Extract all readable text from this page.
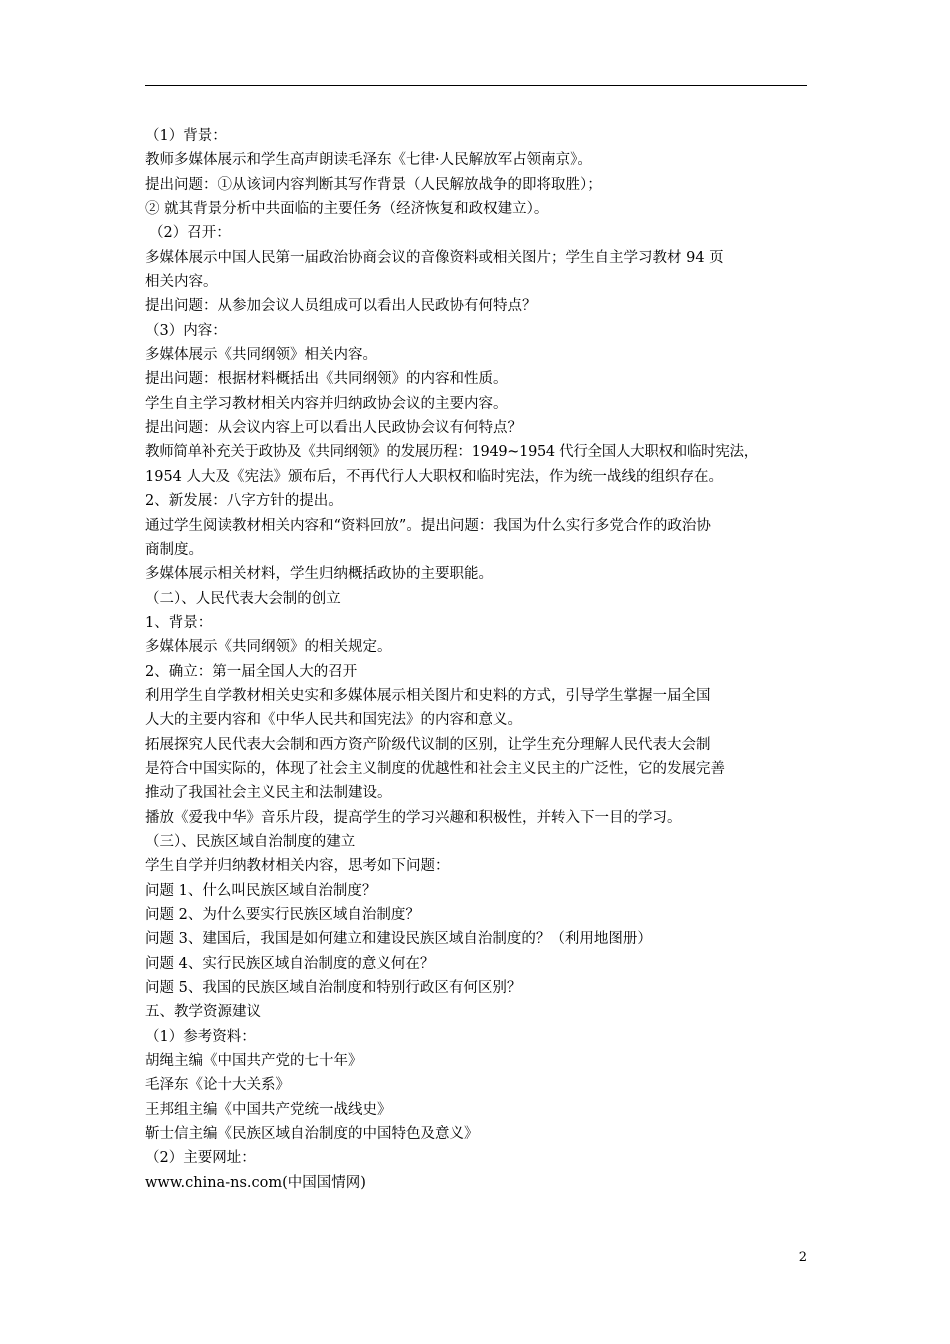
（1）背景：
教师多媒体展示和学生高声朗读毛泽东《七律·人民解放军占领南京》。
提出问题：①从该词内容判断其写作背景（人民解放战争的即将取胜）；
② 就其背景分析中共面临的主要任务（经济恢复和政权建立）。
（2）召开：
多媒体展示中国人民第一届政治协商会议的音像资料或相关图片；学生自主学习教材 94 页
相关内容。
提出问题：从参加会议人员组成可以看出人民政协有何特点？
（3）内容：
多媒体展示《共同纲领》相关内容。
提出问题：根据材料概括出《共同纲领》的内容和性质。
学生自主学习教材相关内容并归纳政协会议的主要内容。
提出问题：从会议内容上可以看出人民政协会议有何特点？
教师简单补充关于政协及《共同纲领》的发展历程：1949~1954 代行全国人大职权和临时宪法，
1954 人大及《宪法》颁布后，不再代行人大职权和临时宪法，作为统一战线的组织存在。
2、新发展：八字方针的提出。
通过学生阅读教材相关内容和“资料回放”。提出问题：我国为什么实行多党合作的政治协
商制度。
多媒体展示相关材料，学生归纳概括政协的主要职能。
（二）、人民代表大会制的创立
1、背景：
多媒体展示《共同纲领》的相关规定。
2、确立：第一届全国人大的召开
利用学生自学教材相关史实和多媒体展示相关图片和史料的方式，引导学生掌握一届全国
人大的主要内容和《中华人民共和国宪法》的内容和意义。
拓展探究人民代表大会制和西方资产阶级代议制的区别，让学生充分理解人民代表大会制
是符合中国实际的，体现了社会主义制度的优越性和社会主义民主的广泛性，它的发展完善
推动了我国社会主义民主和法制建设。
播放《爱我中华》音乐片段，提高学生的学习兴趣和积极性，并转入下一目的学习。
（三）、民族区域自治制度的建立
学生自学并归纳教材相关内容，思考如下问题：
问题 1、什么叫民族区域自治制度？
问题 2、为什么要实行民族区域自治制度？
问题 3、建国后，我国是如何建立和建设民族区域自治制度的？（利用地图册）
问题 4、实行民族区域自治制度的意义何在？
问题 5、我国的民族区域自治制度和特别行政区有何区别？
五、教学资源建议
（1）参考资料：
胡绳主编《中国共产党的七十年》
毛泽东《论十大关系》
王邦组主编《中国共产党统一战线史》
靳士信主编《民族区域自治制度的中国特色及意义》
（2）主要网址：
www.china-ns.com(中国国情网)
2
